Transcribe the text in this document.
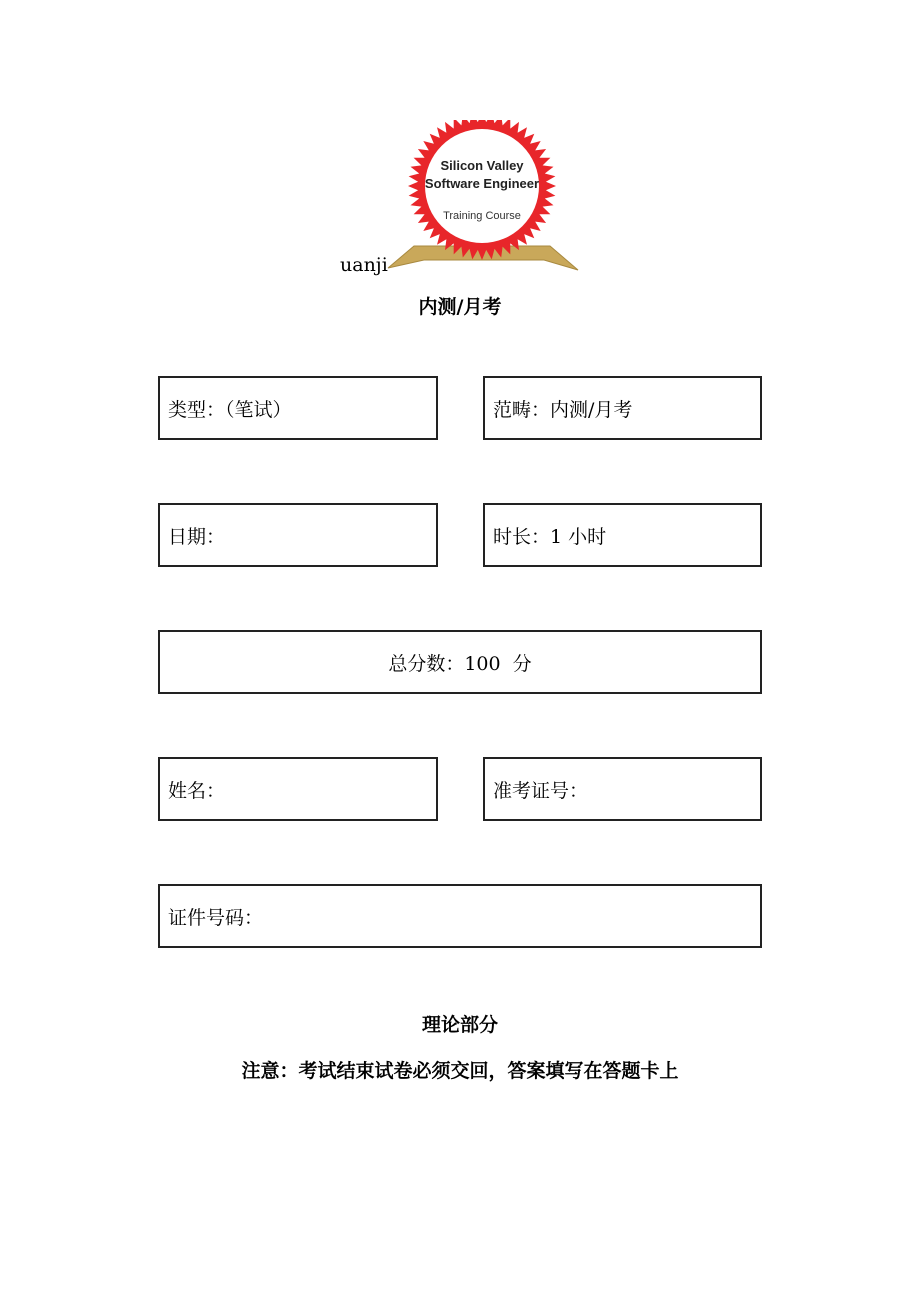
Silicon Valley
Software Engineer
Training Course
uanji
内测/月考
类型：（笔试）	范畴：内测/月考
日期：	时长：1 小时
总分数：100  分
姓名：	准考证号：
证件号码：
理论部分
注意：考试结束试卷必须交回，答案填写在答题卡上
